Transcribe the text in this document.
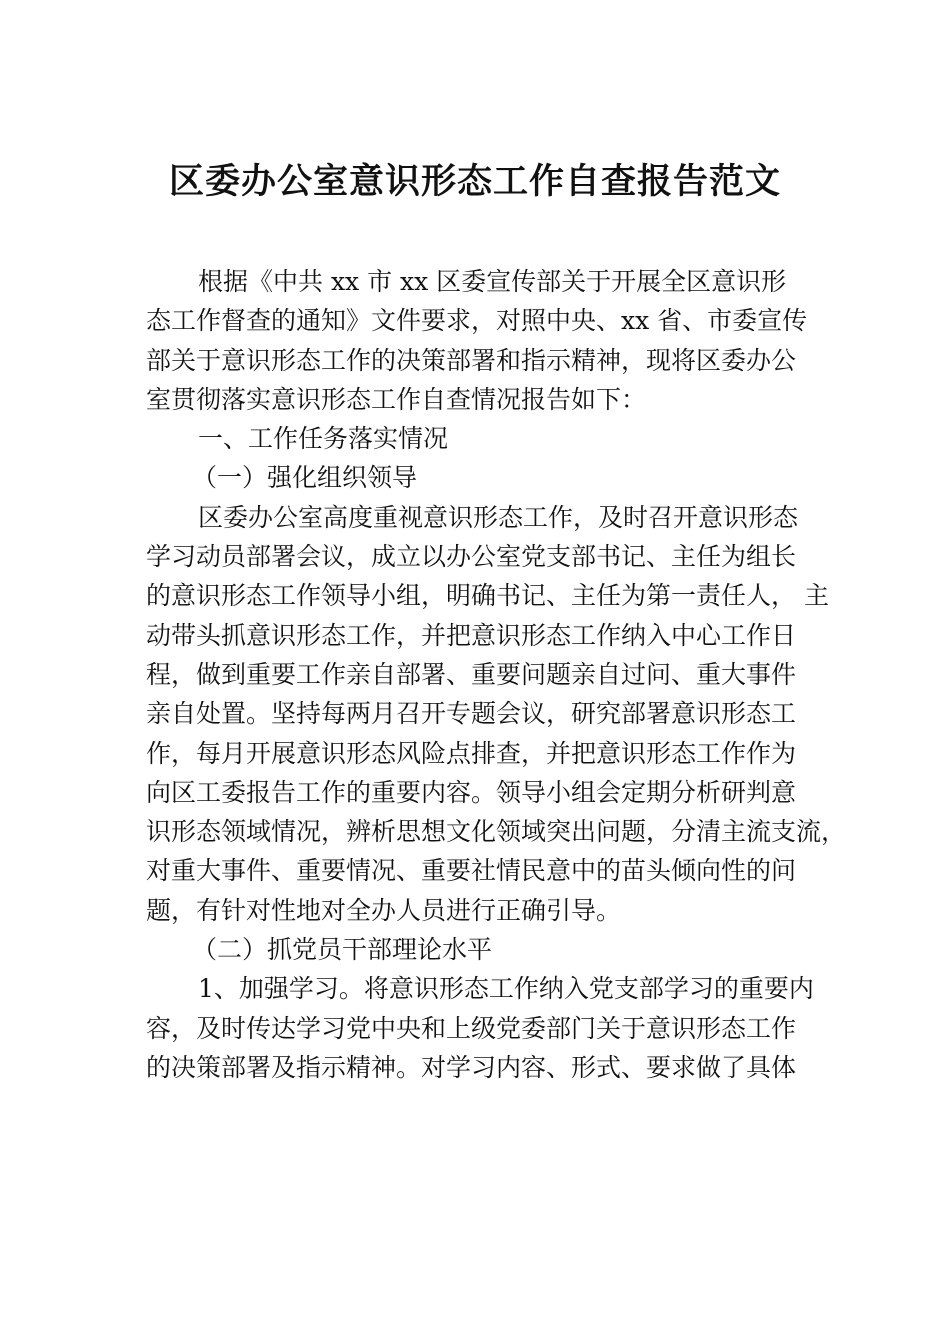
区委办公室意识形态工作自查报告范文
根据《中共 xx 市 xx 区委宣传部关于开展全区意识形
态工作督查的通知》文件要求，对照中央、xx 省、市委宣传
部关于意识形态工作的决策部署和指示精神，现将区委办公
室贯彻落实意识形态工作自查情况报告如下：
一、工作任务落实情况
（一）强化组织领导
区委办公室高度重视意识形态工作，及时召开意识形态
学习动员部署会议，成立以办公室党支部书记、主任为组长
的意识形态工作领导小组，明确书记、主任为第一责任人， 主
动带头抓意识形态工作，并把意识形态工作纳入中心工作日
程，做到重要工作亲自部署、重要问题亲自过问、重大事件
亲自处置。坚持每两月召开专题会议，研究部署意识形态工
作，每月开展意识形态风险点排查，并把意识形态工作作为
向区工委报告工作的重要内容。领导小组会定期分析研判意
识形态领域情况，辨析思想文化领域突出问题，分清主流支流，
对重大事件、重要情况、重要社情民意中的苗头倾向性的问
题，有针对性地对全办人员进行正确引导。
（二）抓党员干部理论水平
1、加强学习。将意识形态工作纳入党支部学习的重要内
容，及时传达学习党中央和上级党委部门关于意识形态工作
的决策部署及指示精神。对学习内容、形式、要求做了具体
